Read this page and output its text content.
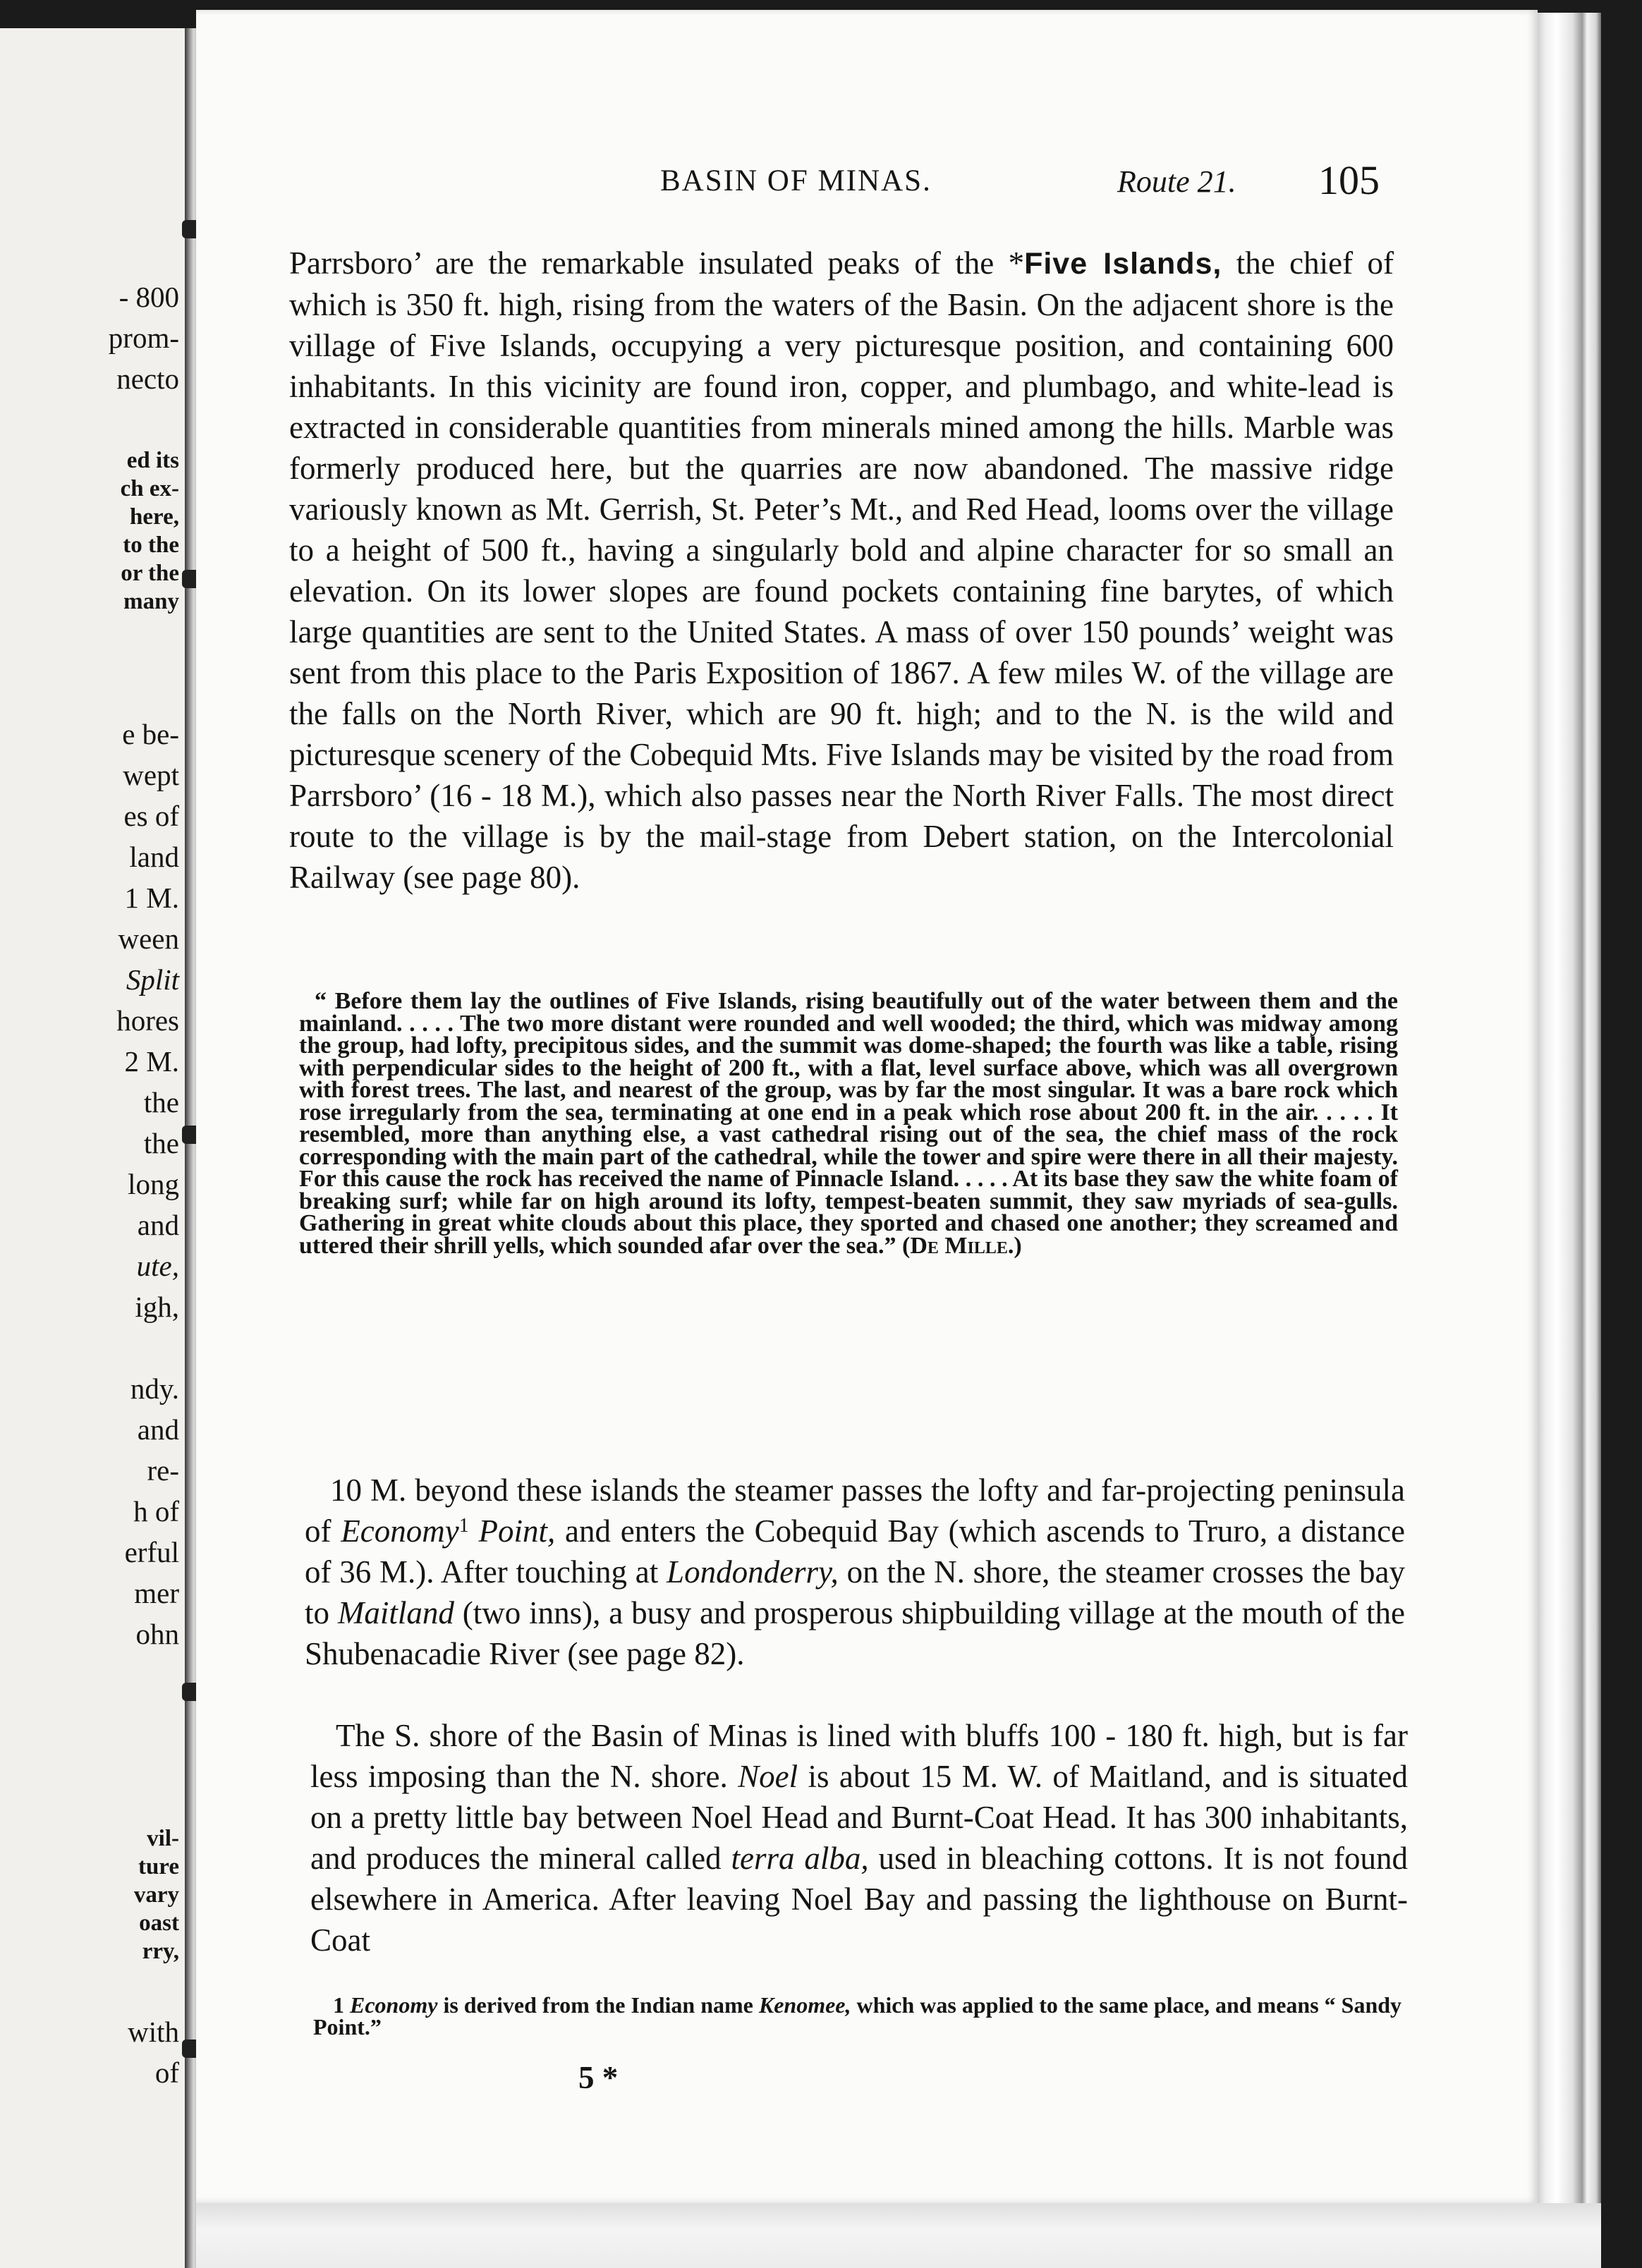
- 800

prom-

necto

ed its

ch ex-

here,

to the

or the

many

e be-

wept

es of

land

1 M.

ween

Split

hores

2 M.

the

the

long

and

ute,

igh,

ndy.

and

re-

h of

erful

mer

ohn

vil-

ture

vary

oast

rry,

with

of

BASIN OF MINAS.	Route 21. 105

Parrsboro’ are the remarkable insulated peaks of the *Five Islands, the chief of which is 350 ft. high, rising from the waters of the Basin. On the adjacent shore is the village of Five Islands, occupying a very picturesque position, and containing 600 inhabitants. In this vicinity are found iron, copper, and plumbago, and white-lead is extracted in considerable quantities from minerals mined among the hills. Marble was formerly produced here, but the quarries are now abandoned. The massive ridge variously known as Mt. Gerrish, St. Peter’s Mt., and Red Head, looms over the village to a height of 500 ft., having a singularly bold and alpine character for so small an elevation. On its lower slopes are found pockets containing fine barytes, of which large quantities are sent to the United States. A mass of over 150 pounds’ weight was sent from this place to the Paris Exposition of 1867. A few miles W. of the village are the falls on the North River, which are 90 ft. high; and to the N. is the wild and picturesque scenery of the Cobequid Mts. Five Islands may be visited by the road from Parrsboro’ (16 - 18 M.), which also passes near the North River Falls. The most direct route to the village is by the mail-stage from Debert station, on the Intercolonial Railway (see page 80).

“ Before them lay the outlines of Five Islands, rising beautifully out of the water between them and the mainland. . . . . The two more distant were rounded and well wooded; the third, which was midway among the group, had lofty, precipitous sides, and the summit was dome-shaped; the fourth was like a table, rising with perpendicular sides to the height of 200 ft., with a flat, level surface above, which was all overgrown with forest trees. The last, and nearest of the group, was by far the most singular. It was a bare rock which rose irregularly from the sea, terminating at one end in a peak which rose about 200 ft. in the air. . . . . It resembled, more than anything else, a vast cathedral rising out of the sea, the chief mass of the rock corresponding with the main part of the cathedral, while the tower and spire were there in all their majesty. For this cause the rock has received the name of Pinnacle Island. . . . . At its base they saw the white foam of breaking surf; while far on high around its lofty, tempest-beaten summit, they saw myriads of sea-gulls. Gathering in great white clouds about this place, they sported and chased one another; they screamed and uttered their shrill yells, which sounded afar over the sea.” (De Mille.)

10 M. beyond these islands the steamer passes the lofty and far-projecting peninsula of Economy$^1$ Point, and enters the Cobequid Bay (which ascends to Truro, a distance of 36 M.). After touching at Londonderry, on the N. shore, the steamer crosses the bay to Maitland (two inns), a busy and prosperous shipbuilding village at the mouth of the Shubenacadie River (see page 82).

The S. shore of the Basin of Minas is lined with bluffs 100 - 180 ft. high, but is far less imposing than the N. shore. Noel is about 15 M. W. of Maitland, and is situated on a pretty little bay between Noel Head and Burnt-Coat Head. It has 300 inhabitants, and produces the mineral called terra alba, used in bleaching cottons. It is not found elsewhere in America. After leaving Noel Bay and passing the lighthouse on Burnt-Coat

1 Economy is derived from the Indian name Kenomee, which was applied to the same place, and means “ Sandy Point.”

5 *
